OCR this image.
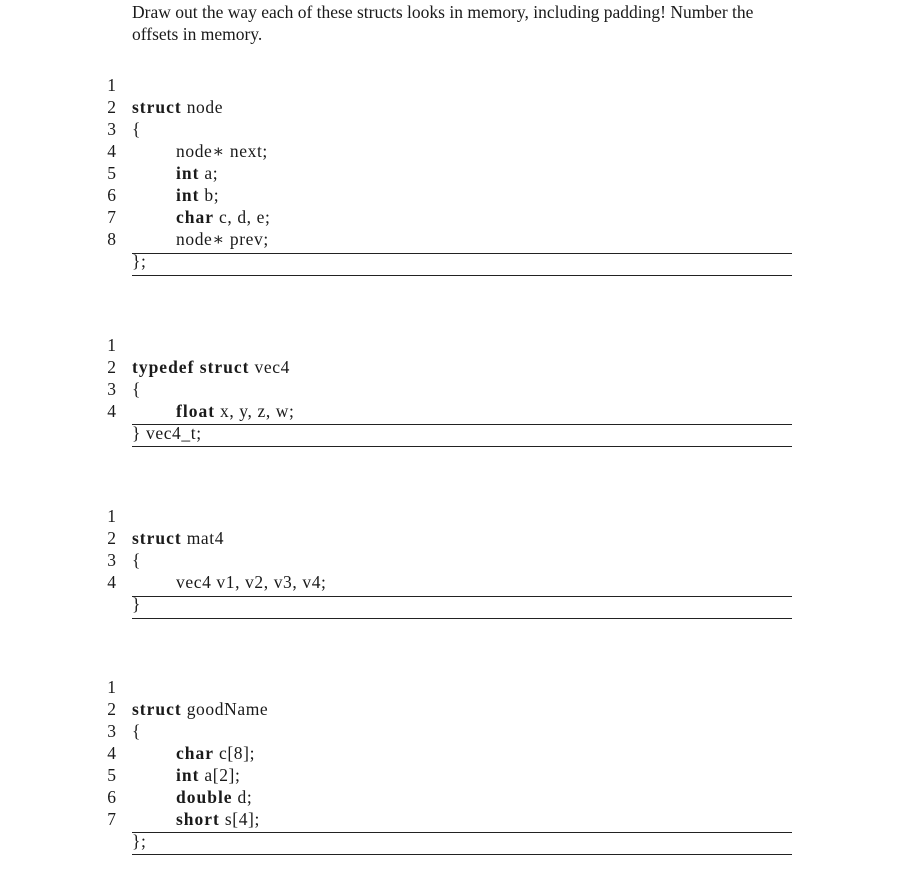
Draw out the way each of these structs looks in memory, including padding! Number the offsets in memory.

1

struct node

2

{

3

node∗ next;

4

int a;

5

int b;

6

char c, d, e;

7

node∗ prev;

8

};

1

typedef struct vec4

2

{

3

float x, y, z, w;

4

} vec4_t;

1

struct mat4

2

{

3

vec4 v1, v2, v3, v4;

4

}

1

struct goodName

2

{

3

char c[8];

4

int a[2];

5

double d;

6

short s[4];

7

};
